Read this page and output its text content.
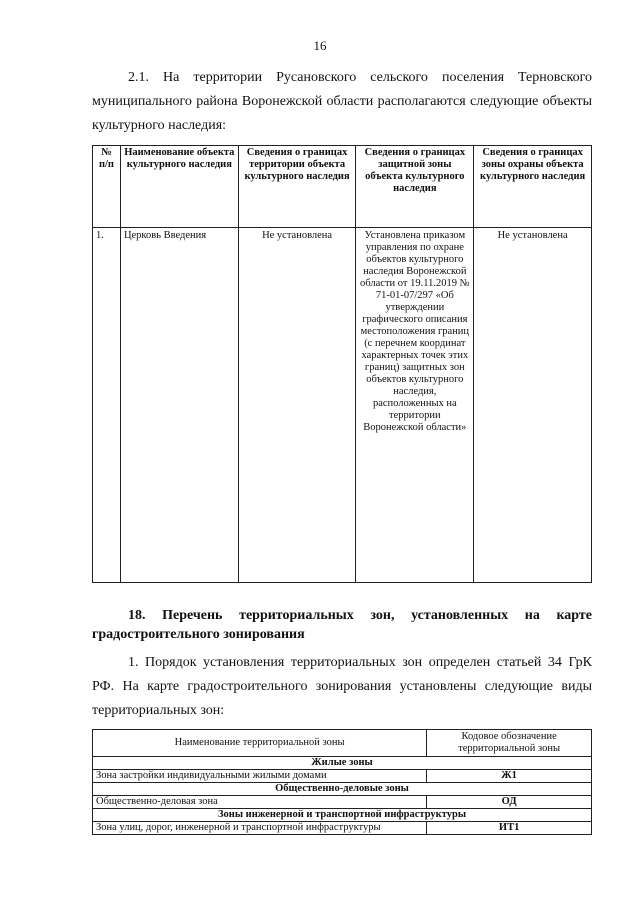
16
2.1. На территории Русановского сельского поселения Терновского муниципального района Воронежской области располагаются следующие объекты культурного наследия:
№ п/п	Наименование объекта культурного наследия	Сведения о границах территории объекта культурного наследия	Сведения о границах защитной зоны объекта культурного наследия	Сведения о границах зоны охраны объекта культурного наследия
1.	Церковь Введения	Не установлена	Установлена приказом управления по охране объектов культурного наследия Воронежской области от 19.11.2019 № 71-01-07/297 «Об утверждении графического описания местоположения границ (с перечнем координат характерных точек этих границ) защитных зон объектов культурного наследия, расположенных на территории Воронежской области»	Не установлена
18. Перечень территориальных зон, установленных на карте градостроительного зонирования
1. Порядок установления территориальных зон определен статьей 34 ГрК РФ. На карте градостроительного зонирования установлены следующие виды территориальных зон:
Наименование территориальной зоны	Кодовое обозначение территориальной зоны
Жилые зоны	
Зона застройки индивидуальными жилыми домами	Ж1
Общественно-деловые зоны	
Общественно-деловая зона	ОД
Зоны инженерной и транспортной инфраструктуры	
Зона улиц, дорог, инженерной и транспортной инфраструктуры	ИТ1
